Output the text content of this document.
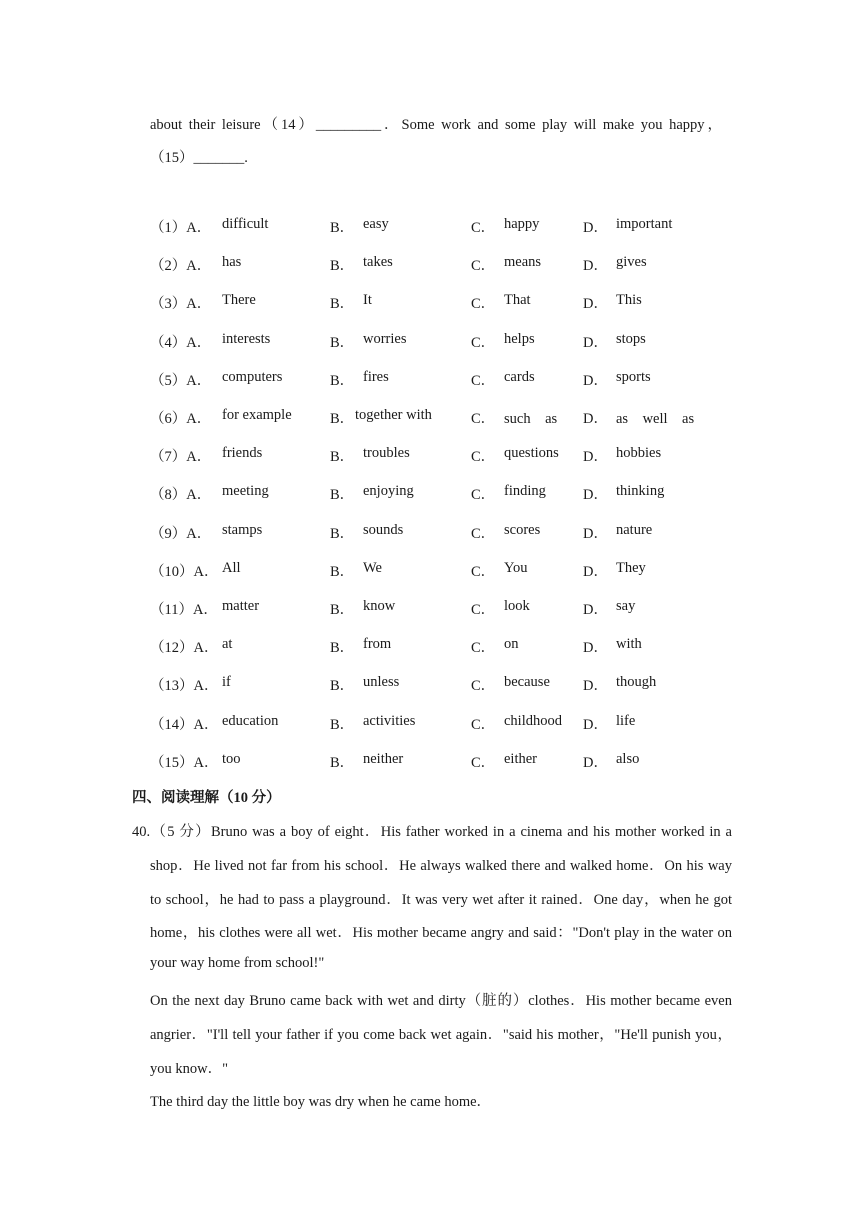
about their leisure（14）_________．Some work and some play will make you happy，
（15）_______.
（1）A． difficult	B． easy	C． happy	D． important
（2）A． has	B． takes	C． means	D． gives
（3）A． There	B． It	C． That	D． This
（4）A． interests	B． worries	C． helps	D． stops
（5）A． computers	B． fires	C． cards	D． sports
（6）A． for example	B． together with	C． such　as D． as　well　as
（7）A． friends	B． troubles	C． questions D． hobbies
（8）A． meeting	B． enjoying	C． finding	D． thinking
（9）A． stamps	B． sounds	C． scores	D． nature
（10）A． All	B． We	C． You	D． They
（11）A． matter	B． know	C． look	D． say
（12）A． at	B． from	C． on	D． with
（13）A． if	B． unless	C． because D． though
（14）A． education	B． activities	C． childhood D． life
（15）A． too	B． neither	C． either	D． also
四、阅读理解（10 分）
40.（5 分）Bruno was a boy of eight．His father worked in a cinema and his mother worked in a
shop．He lived not far from his school．He always walked there and walked home．On his way
to school，he had to pass a playground．It was very wet after it rained．One day，when he got
home，his clothes were all wet．His mother became angry and said："Don't play in the water on
your way home from school!"
On the next day Bruno came back with wet and dirty（脏的）clothes．His mother became even
angrier．"I'll tell your father if you come back wet again．"said his mother，"He'll punish you，
you know．"
The third day the little boy was dry when he came home．
